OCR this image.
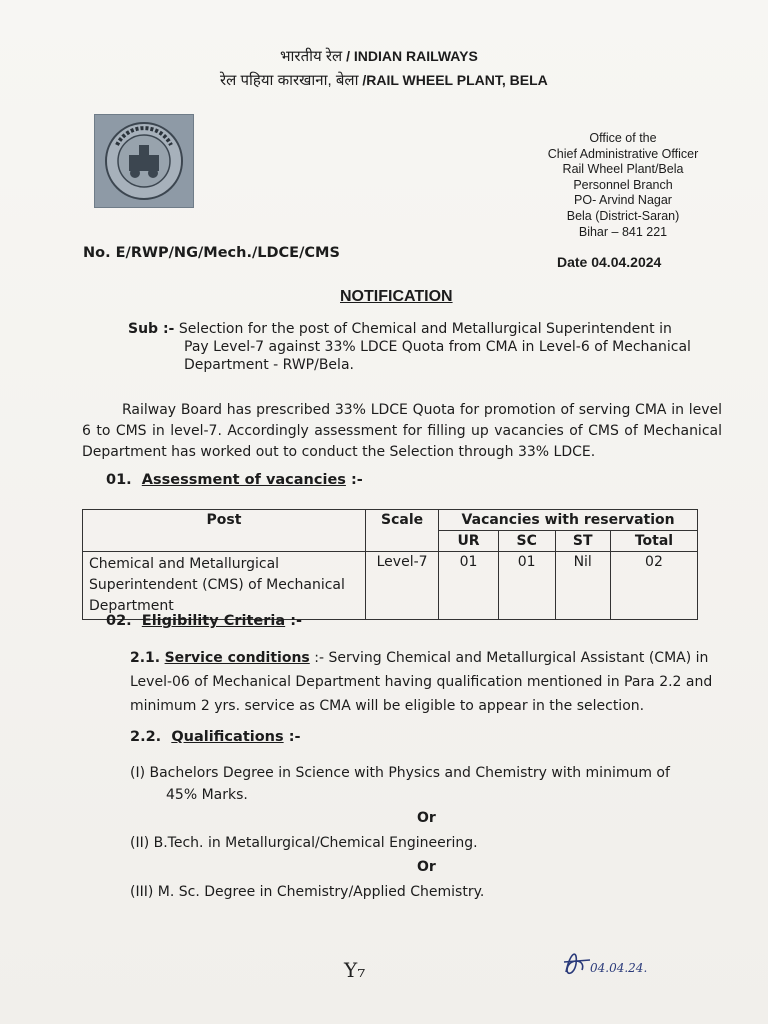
भारतीय रेल / INDIAN RAILWAYS
रेल पहिया कारखाना, बेला /RAIL WHEEL PLANT, BELA
Office of the
Chief Administrative Officer
Rail Wheel Plant/Bela
Personnel Branch
PO- Arvind Nagar
Bela (District-Saran)
Bihar – 841 221
No. E/RWP/NG/Mech./LDCE/CMS
Date 04.04.2024
NOTIFICATION
Sub :- Selection for the post of Chemical and Metallurgical Superintendent in
Pay Level-7 against 33% LDCE Quota from CMA in Level-6 of Mechanical
Department - RWP/Bela.
Railway Board has prescribed 33% LDCE Quota for promotion of serving CMA in level 6 to CMS in level-7. Accordingly assessment for filling up vacancies of CMS of Mechanical Department has worked out to conduct the Selection through 33% LDCE.
01. Assessment of vacancies :-
Post	Scale	Vacancies with reservation			
		UR	SC	ST	Total
Chemical and Metallurgical Superintendent (CMS) of Mechanical Department	Level-7	01	01	Nil	02
02. Eligibility Criteria :-
2.1. Service conditions :- Serving Chemical and Metallurgical Assistant (CMA) in Level-06 of Mechanical Department having qualification mentioned in Para 2.2 and minimum 2 yrs. service as CMA will be eligible to appear in the selection.
2.2. Qualifications :-
(I) Bachelors Degree in Science with Physics and Chemistry with minimum of
45% Marks.
Or
(II) B.Tech. in Metallurgical/Chemical Engineering.
Or
(III) M. Sc. Degree in Chemistry/Applied Chemistry.
Y₇	04.04.24.
